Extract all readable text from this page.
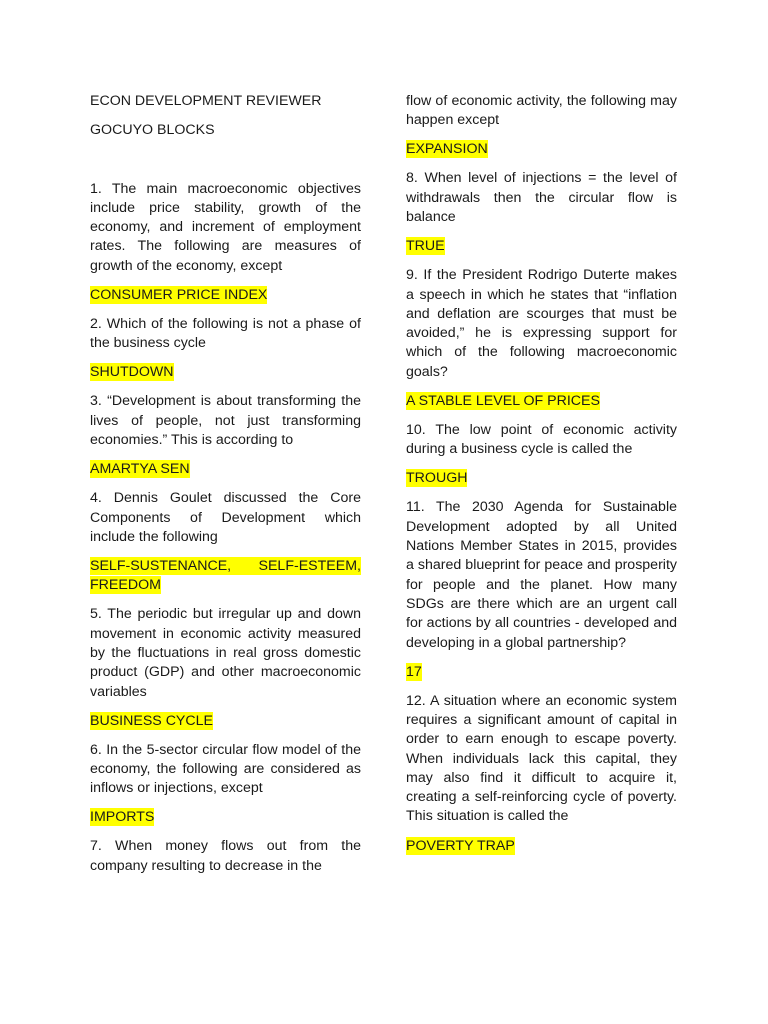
ECON DEVELOPMENT REVIEWER

GOCUYO BLOCKS

1. The main macroeconomic objectives include price stability, growth of the economy, and increment of employment rates. The following are measures of growth of the economy, except

CONSUMER PRICE INDEX

2. Which of the following is not a phase of the business cycle

SHUTDOWN

3. “Development is about transforming the lives of people, not just transforming economies.” This is according to

AMARTYA SEN

4. Dennis Goulet discussed the Core Components of Development which include the following

SELF-SUSTENANCE, SELF-ESTEEM, FREEDOM

5. The periodic but irregular up and down movement in economic activity measured by the fluctuations in real gross domestic product (GDP) and other macroeconomic variables

BUSINESS CYCLE

6. In the 5-sector circular flow model of the economy, the following are considered as inflows or injections, except

IMPORTS

7. When money flows out from the company resulting to decrease in the

flow of economic activity, the following may happen except

EXPANSION

8. When level of injections = the level of withdrawals then the circular flow is balance

TRUE

9. If the President Rodrigo Duterte makes a speech in which he states that “inflation and deflation are scourges that must be avoided,” he is expressing support for which of the following macroeconomic goals?

A STABLE LEVEL OF PRICES

10. The low point of economic activity during a business cycle is called the

TROUGH

11. The 2030 Agenda for Sustainable Development adopted by all United Nations Member States in 2015, provides a shared blueprint for peace and prosperity for people and the planet. How many SDGs are there which are an urgent call for actions by all countries - developed and developing in a global partnership?

17

12. A situation where an economic system requires a significant amount of capital in order to earn enough to escape poverty. When individuals lack this capital, they may also find it difficult to acquire it, creating a self-reinforcing cycle of poverty. This situation is called the

POVERTY TRAP
